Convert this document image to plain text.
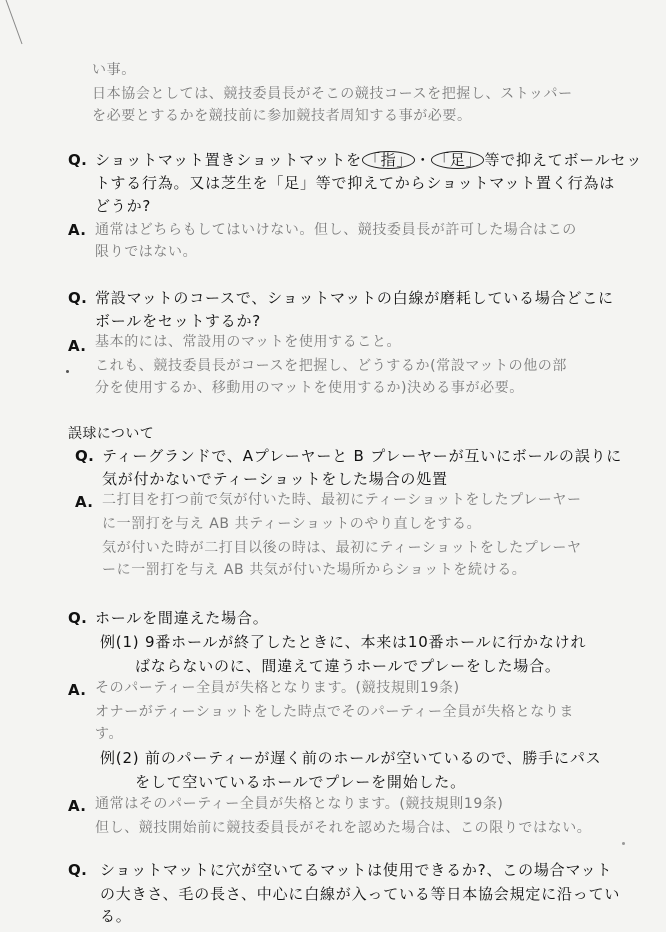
い事。
日本協会としては、競技委員長がそこの競技コースを把握し、ストッパー
を必要とするかを競技前に参加競技者周知する事が必要。
Q. ショットマット置きショットマットを 「指」 ・ 「足」 等で抑えてボールセッ
トする行為。又は芝生を「足」等で抑えてからショットマット置く行為は
どうか?
A. 通常はどちらもしてはいけない。但し、競技委員長が許可した場合はこの
限りではない。
Q. 常設マットのコースで、ショットマットの白線が磨耗している場合どこに
ボールをセットするか?
A. 基本的には、常設用のマットを使用すること。
これも、競技委員長がコースを把握し、どうするか(常設マットの他の部
分を使用するか、移動用のマットを使用するか)決める事が必要。
誤球について
Q. ティーグランドで、Aプレーヤーと B プレーヤーが互いにボールの誤りに
気が付かないでティーショットをした場合の処置
A. 二打目を打つ前で気が付いた時、最初にティーショットをしたプレーヤー
に一罰打を与え AB 共ティーショットのやり直しをする。
気が付いた時が二打目以後の時は、最初にティーショットをしたプレーヤ
ーに一罰打を与え AB 共気が付いた場所からショットを続ける。
Q. ホールを間違えた場合。
例(1) 9番ホールが終了したときに、本来は10番ホールに行かなけれ
ばならないのに、間違えて違うホールでプレーをした場合。
A. そのパーティー全員が失格となります。(競技規則19条)
オナーがティーショットをした時点でそのパーティー全員が失格となりま
す。
例(2) 前のパーティーが遅く前のホールが空いているので、勝手にパス
をして空いているホールでプレーを開始した。
A. 通常はそのパーティー全員が失格となります。(競技規則19条)
但し、競技開始前に競技委員長がそれを認めた場合は、この限りではない。
Q. ショットマットに穴が空いてるマットは使用できるか?、この場合マット
の大きさ、毛の長さ、中心に白線が入っている等日本協会規定に沿ってい
る。
